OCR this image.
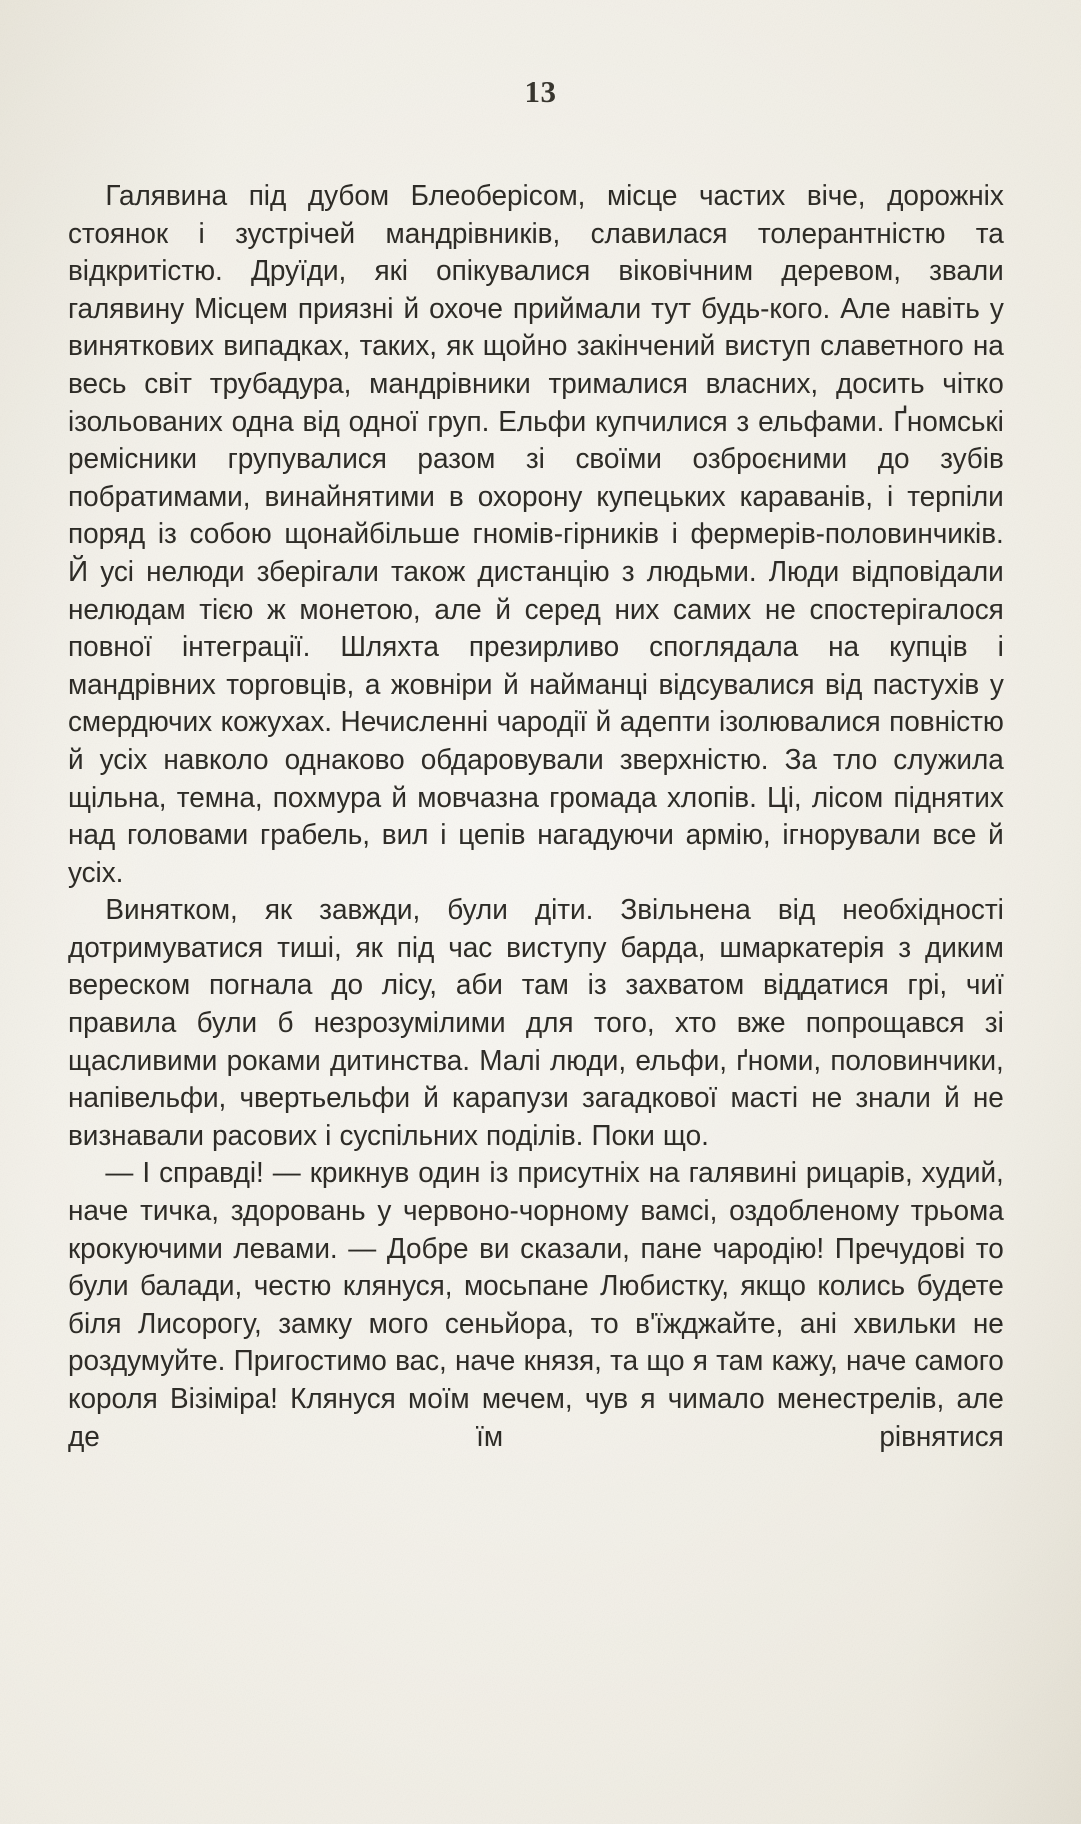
13

Галявина під дубом Блеоберісом, місце частих віче, дорожніх стоянок і зустрічей мандрівників, славилася толерантністю та відкритістю. Друїди, які опікувалися віковічним деревом, звали галявину Місцем приязні й охоче приймали тут будь-кого. Але навіть у виняткових випадках, таких, як щойно закінчений виступ славетного на весь світ трубадура, мандрівники трималися власних, досить чітко ізольованих одна від одної груп. Ельфи купчилися з ельфами. Ґномські ремісники групувалися разом зі своїми озброєними до зубів побратимами, винайнятими в охорону купецьких караванів, і терпіли поряд із собою щонайбільше гномів-гірників і фермерів-половинчиків. Й усі нелюди зберігали також дистанцію з людьми. Люди відповідали нелюдам тією ж монетою, але й серед них самих не спостерігалося повної інтеграції. Шляхта презирливо споглядала на купців і мандрівних торговців, а жовніри й найманці відсувалися від пастухів у смердючих кожухах. Нечисленні чародії й адепти ізолювалися повністю й усіх навколо однаково обдаровували зверхністю. За тло служила щільна, темна, похмура й мовчазна громада хлопів. Ці, лісом піднятих над головами грабель, вил і цепів нагадуючи армію, ігнорували все й усіх.

Винятком, як завжди, були діти. Звільнена від необхідності дотримуватися тиші, як під час виступу барда, шмаркатерія з диким вереском погнала до лісу, аби там із захватом віддатися грі, чиї правила були б незрозумілими для того, хто вже попрощався зі щасливими роками дитинства. Малі люди, ельфи, ґноми, половинчики, напівельфи, чвертьельфи й карапузи загадкової масті не знали й не визнавали расових і суспільних поділів. Поки що.

— І справді! — крикнув один із присутніх на галявині рицарів, худий, наче тичка, здоровань у червоно-чорному вамсі, оздобленому трьома крокуючими левами. — Добре ви сказали, пане чародію! Пречудові то були балади, честю клянуся, мосьпане Любистку, якщо колись будете біля Лисорогу, замку мого сеньйора, то в'їжджайте, ані хвильки не роздумуйте. Пригостимо вас, наче князя, та що я там кажу, наче самого короля Візіміра! Клянуся моїм мечем, чув я чимало менестрелів, але де їм рівнятися
